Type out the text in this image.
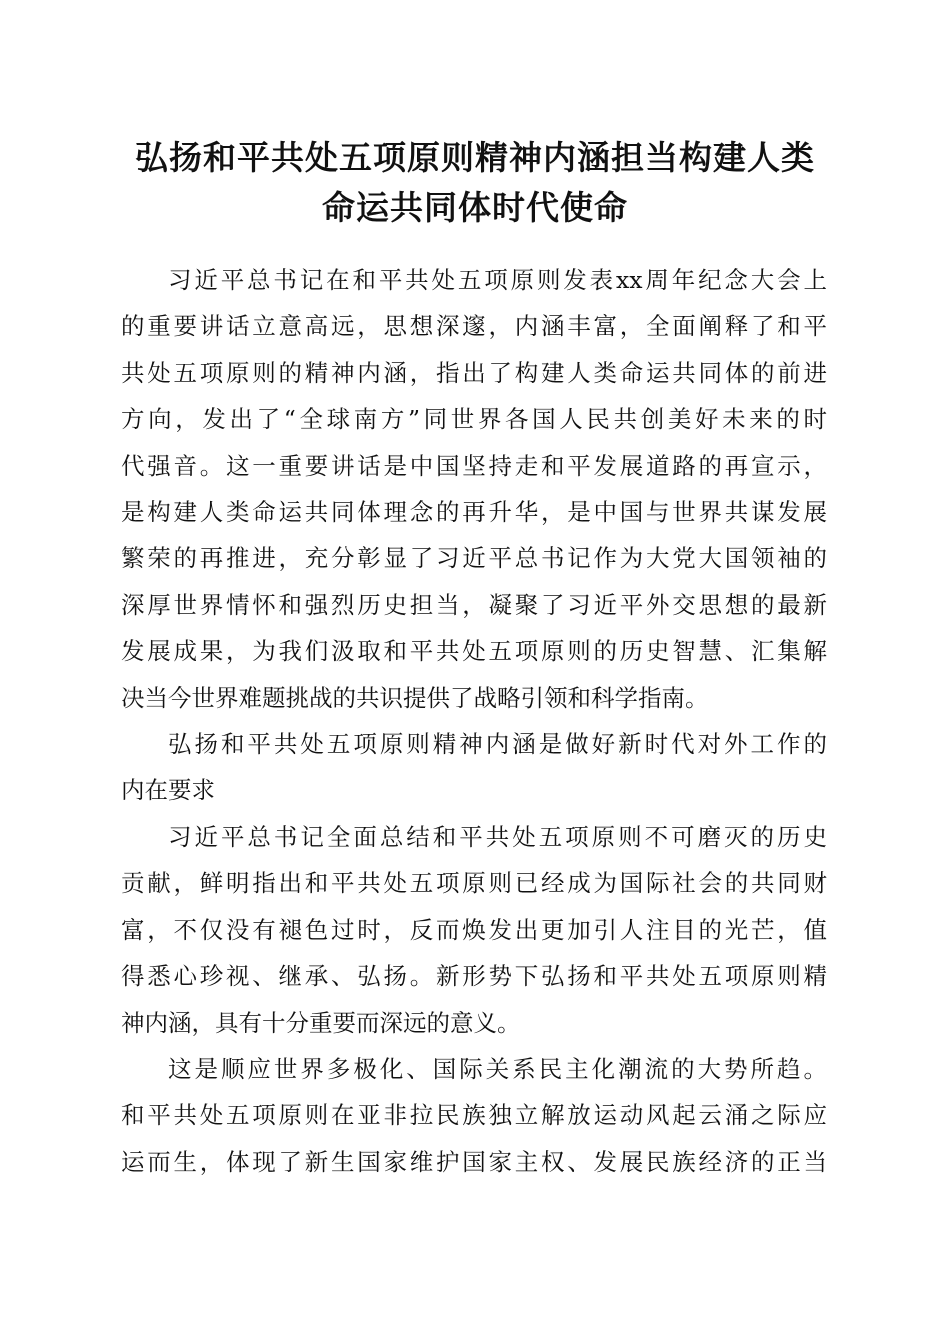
弘扬和平共处五项原则精神内涵担当构建人类
命运共同体时代使命

习近平总书记在和平共处五项原则发表xx周年纪念大会上
的重要讲话立意高远，思想深邃，内涵丰富，全面阐释了和平
共处五项原则的精神内涵，指出了构建人类命运共同体的前进
方向，发出了“全球南方”同世界各国人民共创美好未来的时
代强音。这一重要讲话是中国坚持走和平发展道路的再宣示，
是构建人类命运共同体理念的再升华，是中国与世界共谋发展
繁荣的再推进，充分彰显了习近平总书记作为大党大国领袖的
深厚世界情怀和强烈历史担当，凝聚了习近平外交思想的最新
发展成果，为我们汲取和平共处五项原则的历史智慧、汇集解
决当今世界难题挑战的共识提供了战略引领和科学指南。

弘扬和平共处五项原则精神内涵是做好新时代对外工作的
内在要求

习近平总书记全面总结和平共处五项原则不可磨灭的历史
贡献，鲜明指出和平共处五项原则已经成为国际社会的共同财
富，不仅没有褪色过时，反而焕发出更加引人注目的光芒，值
得悉心珍视、继承、弘扬。新形势下弘扬和平共处五项原则精
神内涵，具有十分重要而深远的意义。

这是顺应世界多极化、国际关系民主化潮流的大势所趋。
和平共处五项原则在亚非拉民族独立解放运动风起云涌之际应
运而生，体现了新生国家维护国家主权、发展民族经济的正当
